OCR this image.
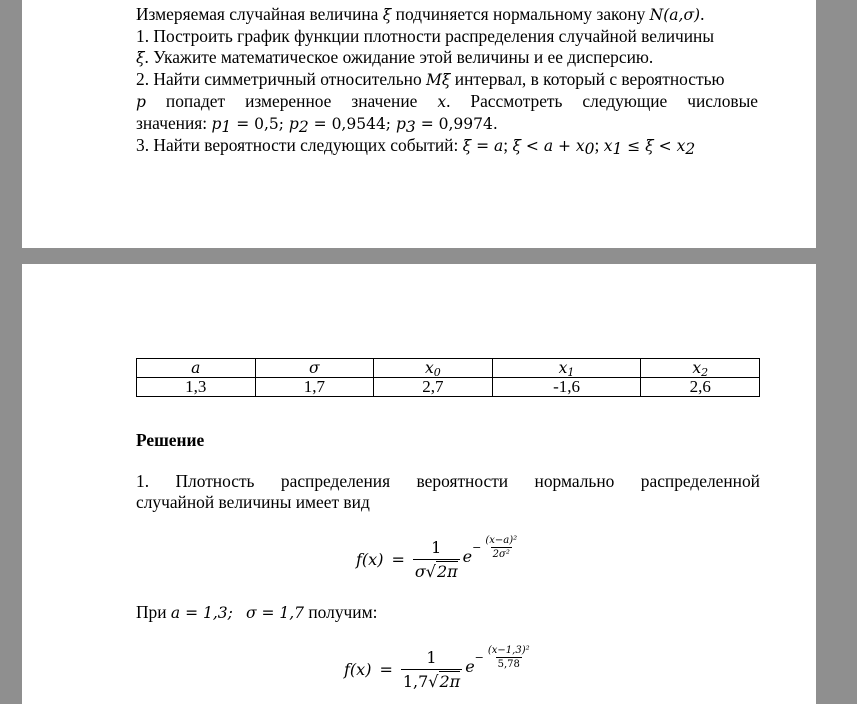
Измеряемая случайная величина ξ подчиняется нормальному закону N(a,σ).
1. Построить график функции плотности распределения случайной величины
ξ. Укажите математическое ожидание этой величины и ее дисперсию.
2. Найти симметричный относительно Mξ интервал, в который с вероятностью
p попадет измеренное значение x. Рассмотреть следующие числовые
значения: $p_1 = 0,5$; $p_2 = 0,9544$; $p_3 = 0,9974$.
3. Найти вероятности следующих событий: ξ = a; $\xi < a + x_0$; $x_1 \le \xi < x_2$
a	σ	$x_0$	$x_1$	$x_2$
1,3	1,7	2,7	-1,6	2,6
Решение
1. Плотность распределения вероятности нормально распределенной
случайной величины имеет вид
$f(x) = \frac{1}{\sigma√2\pi}$ $e - \frac{\text{(x−a)²}}{\text{2σ²}}$
При a = 1,3; σ = 1,7 получим:
$f(x) = \frac{1}{1,7√2\pi}$ $e - \frac{\text{(x−1,3)²}}{5,78}$
